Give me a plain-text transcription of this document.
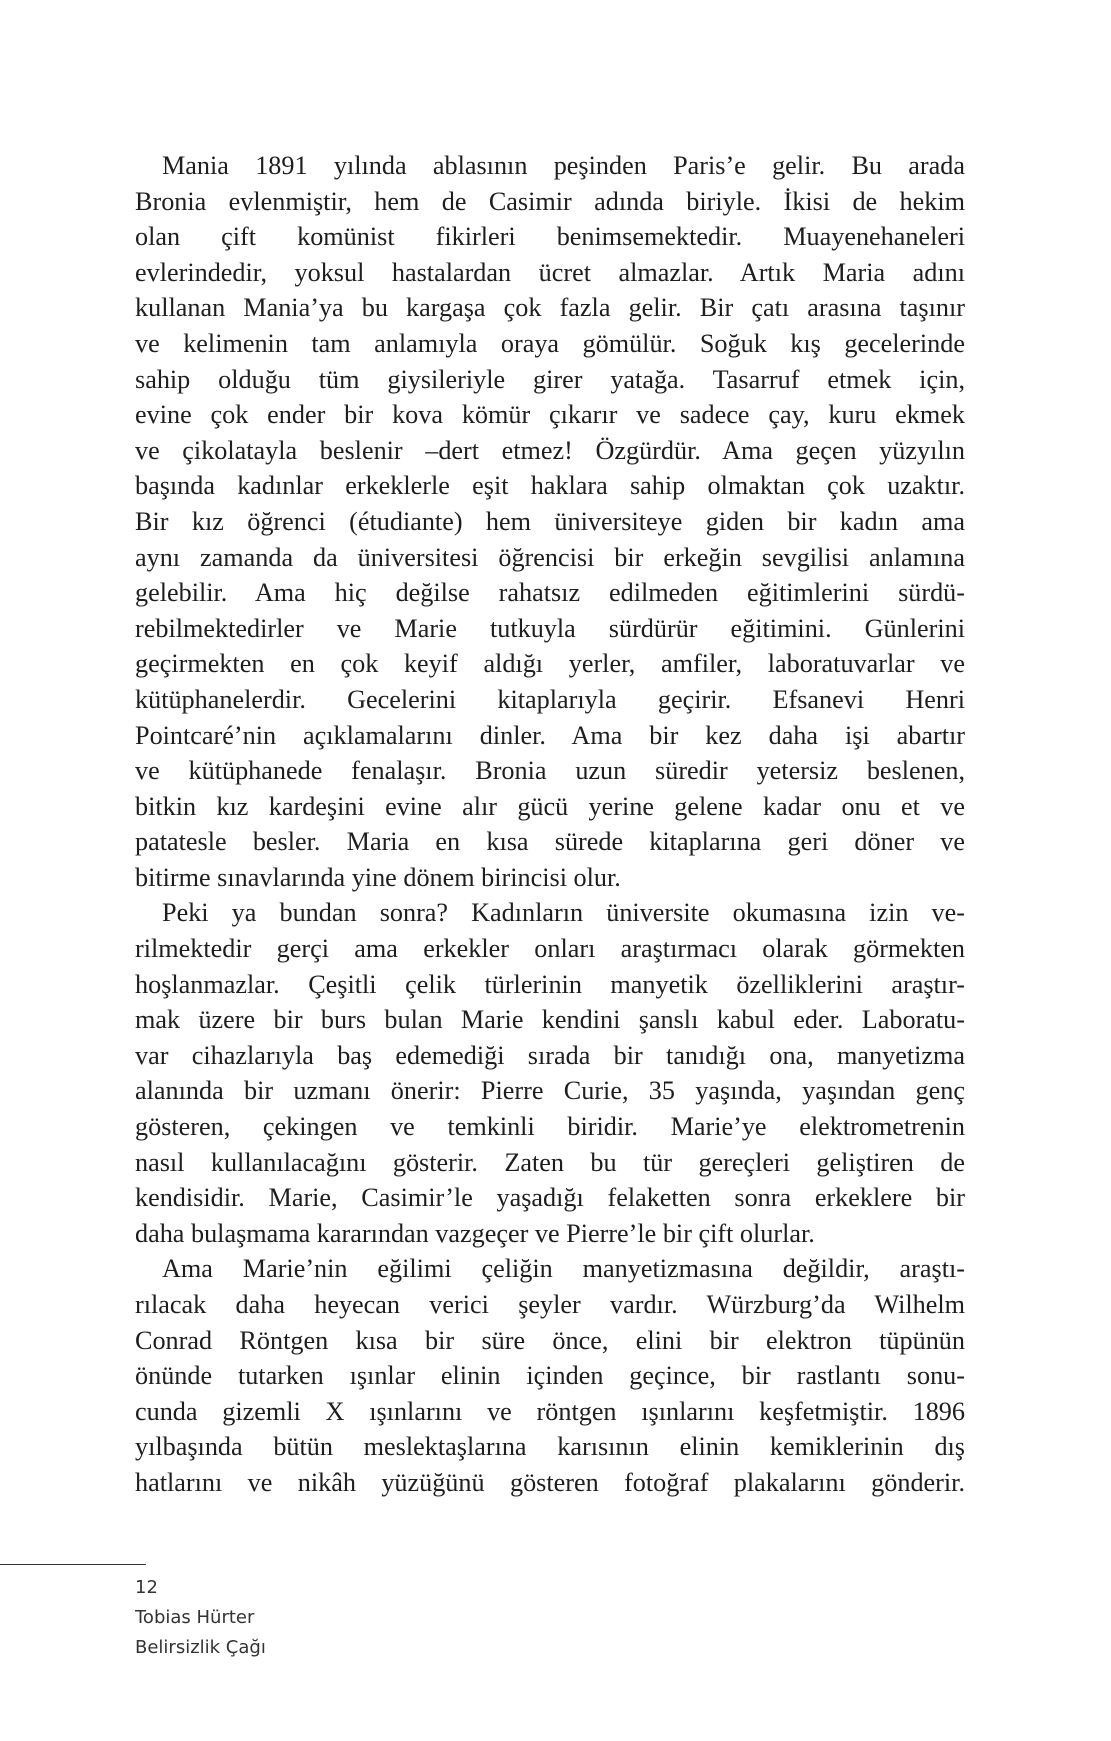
Mania 1891 yılında ablasının peşinden Paris’e gelir. Bu arada
Bronia evlenmiştir, hem de Casimir adında biriyle. İkisi de hekim
olan çift komünist fikirleri benimsemektedir. Muayenehaneleri
evlerindedir, yoksul hastalardan ücret almazlar. Artık Maria adını
kullanan Mania’ya bu kargaşa çok fazla gelir. Bir çatı arasına taşınır
ve kelimenin tam anlamıyla oraya gömülür. Soğuk kış gecelerinde
sahip olduğu tüm giysileriyle girer yatağa. Tasarruf etmek için,
evine çok ender bir kova kömür çıkarır ve sadece çay, kuru ekmek
ve çikolatayla beslenir –dert etmez! Özgürdür. Ama geçen yüzyılın
başında kadınlar erkeklerle eşit haklara sahip olmaktan çok uzaktır.
Bir kız öğrenci (étudiante) hem üniversiteye giden bir kadın ama
aynı zamanda da üniversitesi öğrencisi bir erkeğin sevgilisi anlamına
gelebilir. Ama hiç değilse rahatsız edilmeden eğitimlerini sürdü-
rebilmektedirler ve Marie tutkuyla sürdürür eğitimini. Günlerini
geçirmekten en çok keyif aldığı yerler, amfiler, laboratuvarlar ve
kütüphanelerdir. Gecelerini kitaplarıyla geçirir. Efsanevi Henri
Pointcaré’nin açıklamalarını dinler. Ama bir kez daha işi abartır
ve kütüphanede fenalaşır. Bronia uzun süredir yetersiz beslenen,
bitkin kız kardeşini evine alır gücü yerine gelene kadar onu et ve
patatesle besler. Maria en kısa sürede kitaplarına geri döner ve
bitirme sınavlarında yine dönem birincisi olur.
Peki ya bundan sonra? Kadınların üniversite okumasına izin ve-
rilmektedir gerçi ama erkekler onları araştırmacı olarak görmekten
hoşlanmazlar. Çeşitli çelik türlerinin manyetik özelliklerini araştır-
mak üzere bir burs bulan Marie kendini şanslı kabul eder. Laboratu-
var cihazlarıyla baş edemediği sırada bir tanıdığı ona, manyetizma
alanında bir uzmanı önerir: Pierre Curie, 35 yaşında, yaşından genç
gösteren, çekingen ve temkinli biridir. Marie’ye elektrometrenin
nasıl kullanılacağını gösterir. Zaten bu tür gereçleri geliştiren de
kendisidir. Marie, Casimir’le yaşadığı felaketten sonra erkeklere bir
daha bulaşmama kararından vazgeçer ve Pierre’le bir çift olurlar.
Ama Marie’nin eğilimi çeliğin manyetizmasına değildir, araştı-
rılacak daha heyecan verici şeyler vardır. Würzburg’da Wilhelm
Conrad Röntgen kısa bir süre önce, elini bir elektron tüpünün
önünde tutarken ışınlar elinin içinden geçince, bir rastlantı sonu-
cunda gizemli X ışınlarını ve röntgen ışınlarını keşfetmiştir. 1896
yılbaşında bütün meslektaşlarına karısının elinin kemiklerinin dış
hatlarını ve nikâh yüzüğünü gösteren fotoğraf plakalarını gönderir.
12
Tobias Hürter
Belirsizlik Çağı
